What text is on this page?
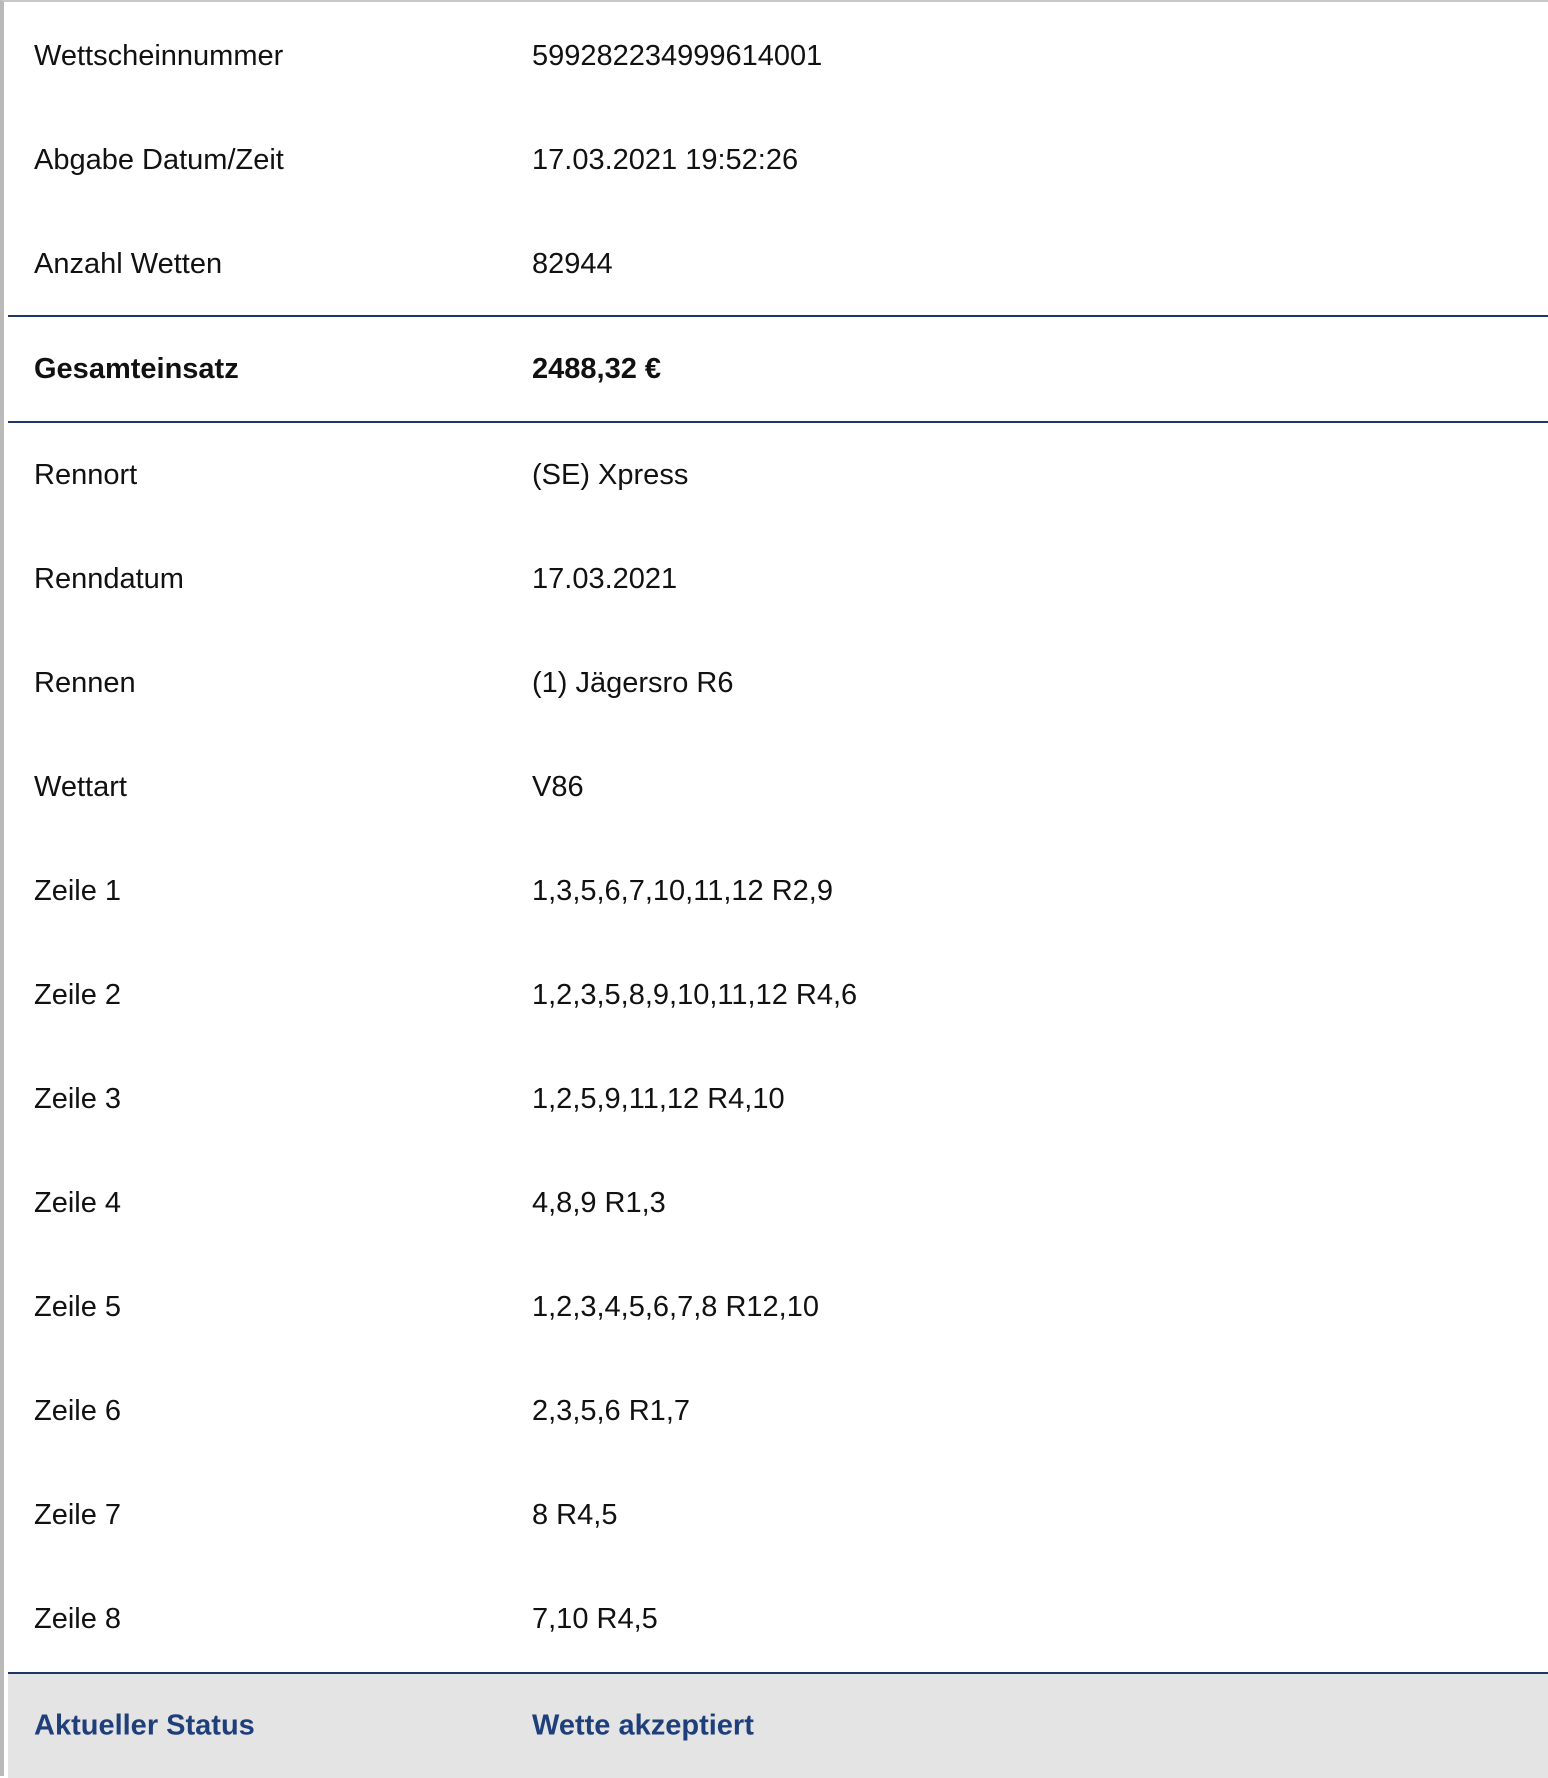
Wettscheinnummer	599282234999614001
Abgabe Datum/Zeit	17.03.2021 19:52:26
Anzahl Wetten	82944
Gesamteinsatz	2488,32 €
Rennort	(SE) Xpress
Renndatum	17.03.2021
Rennen	(1) Jägersro R6
Wettart	V86
Zeile 1	1,3,5,6,7,10,11,12 R2,9
Zeile 2	1,2,3,5,8,9,10,11,12 R4,6
Zeile 3	1,2,5,9,11,12 R4,10
Zeile 4	4,8,9 R1,3
Zeile 5	1,2,3,4,5,6,7,8 R12,10
Zeile 6	2,3,5,6 R1,7
Zeile 7	8 R4,5
Zeile 8	7,10 R4,5
Aktueller Status	Wette akzeptiert
